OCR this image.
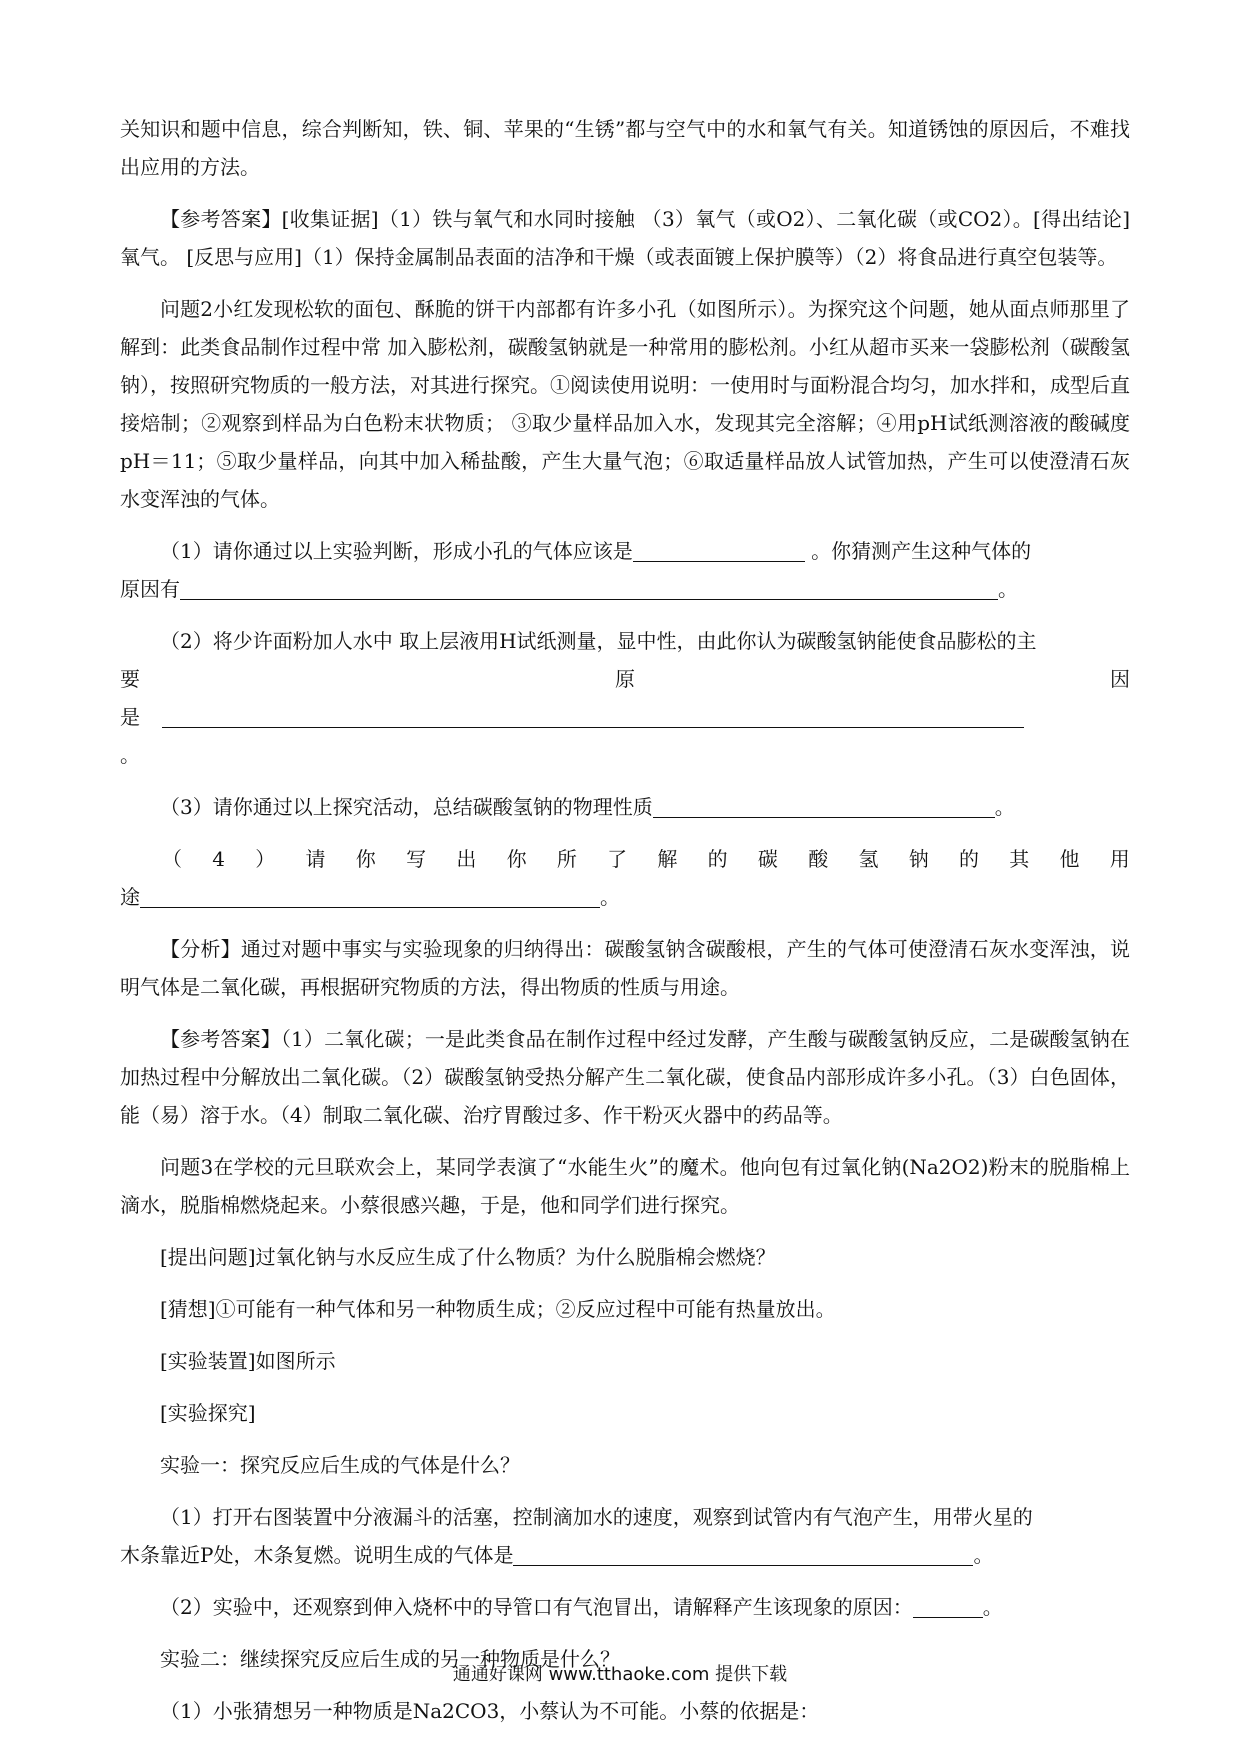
关知识和题中信息，综合判断知，铁、铜、苹果的“生锈”都与空气中的水和氧气有关。知道锈蚀的原因后，不难找出应用的方法。

【参考答案】[收集证据]（1）铁与氧气和水同时接触 （3）氧气（或O2）、二氧化碳（或CO2）。[得出结论] 氧气。 [反思与应用]（1）保持金属制品表面的洁净和干燥（或表面镀上保护膜等）（2）将食品进行真空包装等。

问题2小红发现松软的面包、酥脆的饼干内部都有许多小孔（如图所示）。为探究这个问题，她从面点师那里了解到：此类食品制作过程中常 加入膨松剂，碳酸氢钠就是一种常用的膨松剂。小红从超市买来一袋膨松剂（碳酸氢钠），按照研究物质的一般方法，对其进行探究。①阅读使用说明：一使用时与面粉混合均匀，加水拌和，成型后直接焙制；②观察到样品为白色粉末状物质； ③取少量样品加入水，发现其完全溶解；④用pH试纸测溶液的酸碱度pH＝11；⑤取少量样品，向其中加入稀盐酸，产生大量气泡；⑥取适量样品放人试管加热，产生可以使澄清石灰水变浑浊的气体。

（1）请你通过以上实验判断，形成小孔的气体应该是	。你猜测产生这种气体的

原因有	。

（2）将少许面粉加人水中 取上层液用H试纸测量，显中性，由此你认为碳酸氢钠能使食品膨松的主

要	原	因

是

。

（3）请你通过以上探究活动，总结碳酸氢钠的物理性质	。

（ 4 ） 请 你 写 出 你 所 了 解 的 碳 酸 氢 钠 的 其 他 用

途	。

【分析】通过对题中事实与实验现象的归纳得出：碳酸氢钠含碳酸根，产生的气体可使澄清石灰水变浑浊，说明气体是二氧化碳，再根据研究物质的方法，得出物质的性质与用途。

【参考答案】（1）二氧化碳；一是此类食品在制作过程中经过发酵，产生酸与碳酸氢钠反应，二是碳酸氢钠在加热过程中分解放出二氧化碳。（2）碳酸氢钠受热分解产生二氧化碳，使食品内部形成许多小孔。（3）白色固体，能（易）溶于水。（4）制取二氧化碳、治疗胃酸过多、作干粉灭火器中的药品等。

问题3在学校的元旦联欢会上，某同学表演了“水能生火”的魔术。他向包有过氧化钠(Na2O2)粉末的脱脂棉上滴水，脱脂棉燃烧起来。小蔡很感兴趣，于是，他和同学们进行探究。

[提出问题]过氧化钠与水反应生成了什么物质？为什么脱脂棉会燃烧？

[猜想]①可能有一种气体和另一种物质生成；②反应过程中可能有热量放出。

[实验装置]如图所示

[实验探究]

实验一：探究反应后生成的气体是什么？

（1）打开右图装置中分液漏斗的活塞，控制滴加水的速度，观察到试管内有气泡产生，用带火星的

木条靠近P处，木条复燃。说明生成的气体是	。

（2）实验中，还观察到伸入烧杯中的导管口有气泡冒出，请解释产生该现象的原因：	。

实验二：继续探究反应后生成的另一种物质是什么？

（1）小张猜想另一种物质是Na2CO3，小蔡认为不可能。小蔡的依据是：

通通好课网 www.tthaoke.com 提供下载
